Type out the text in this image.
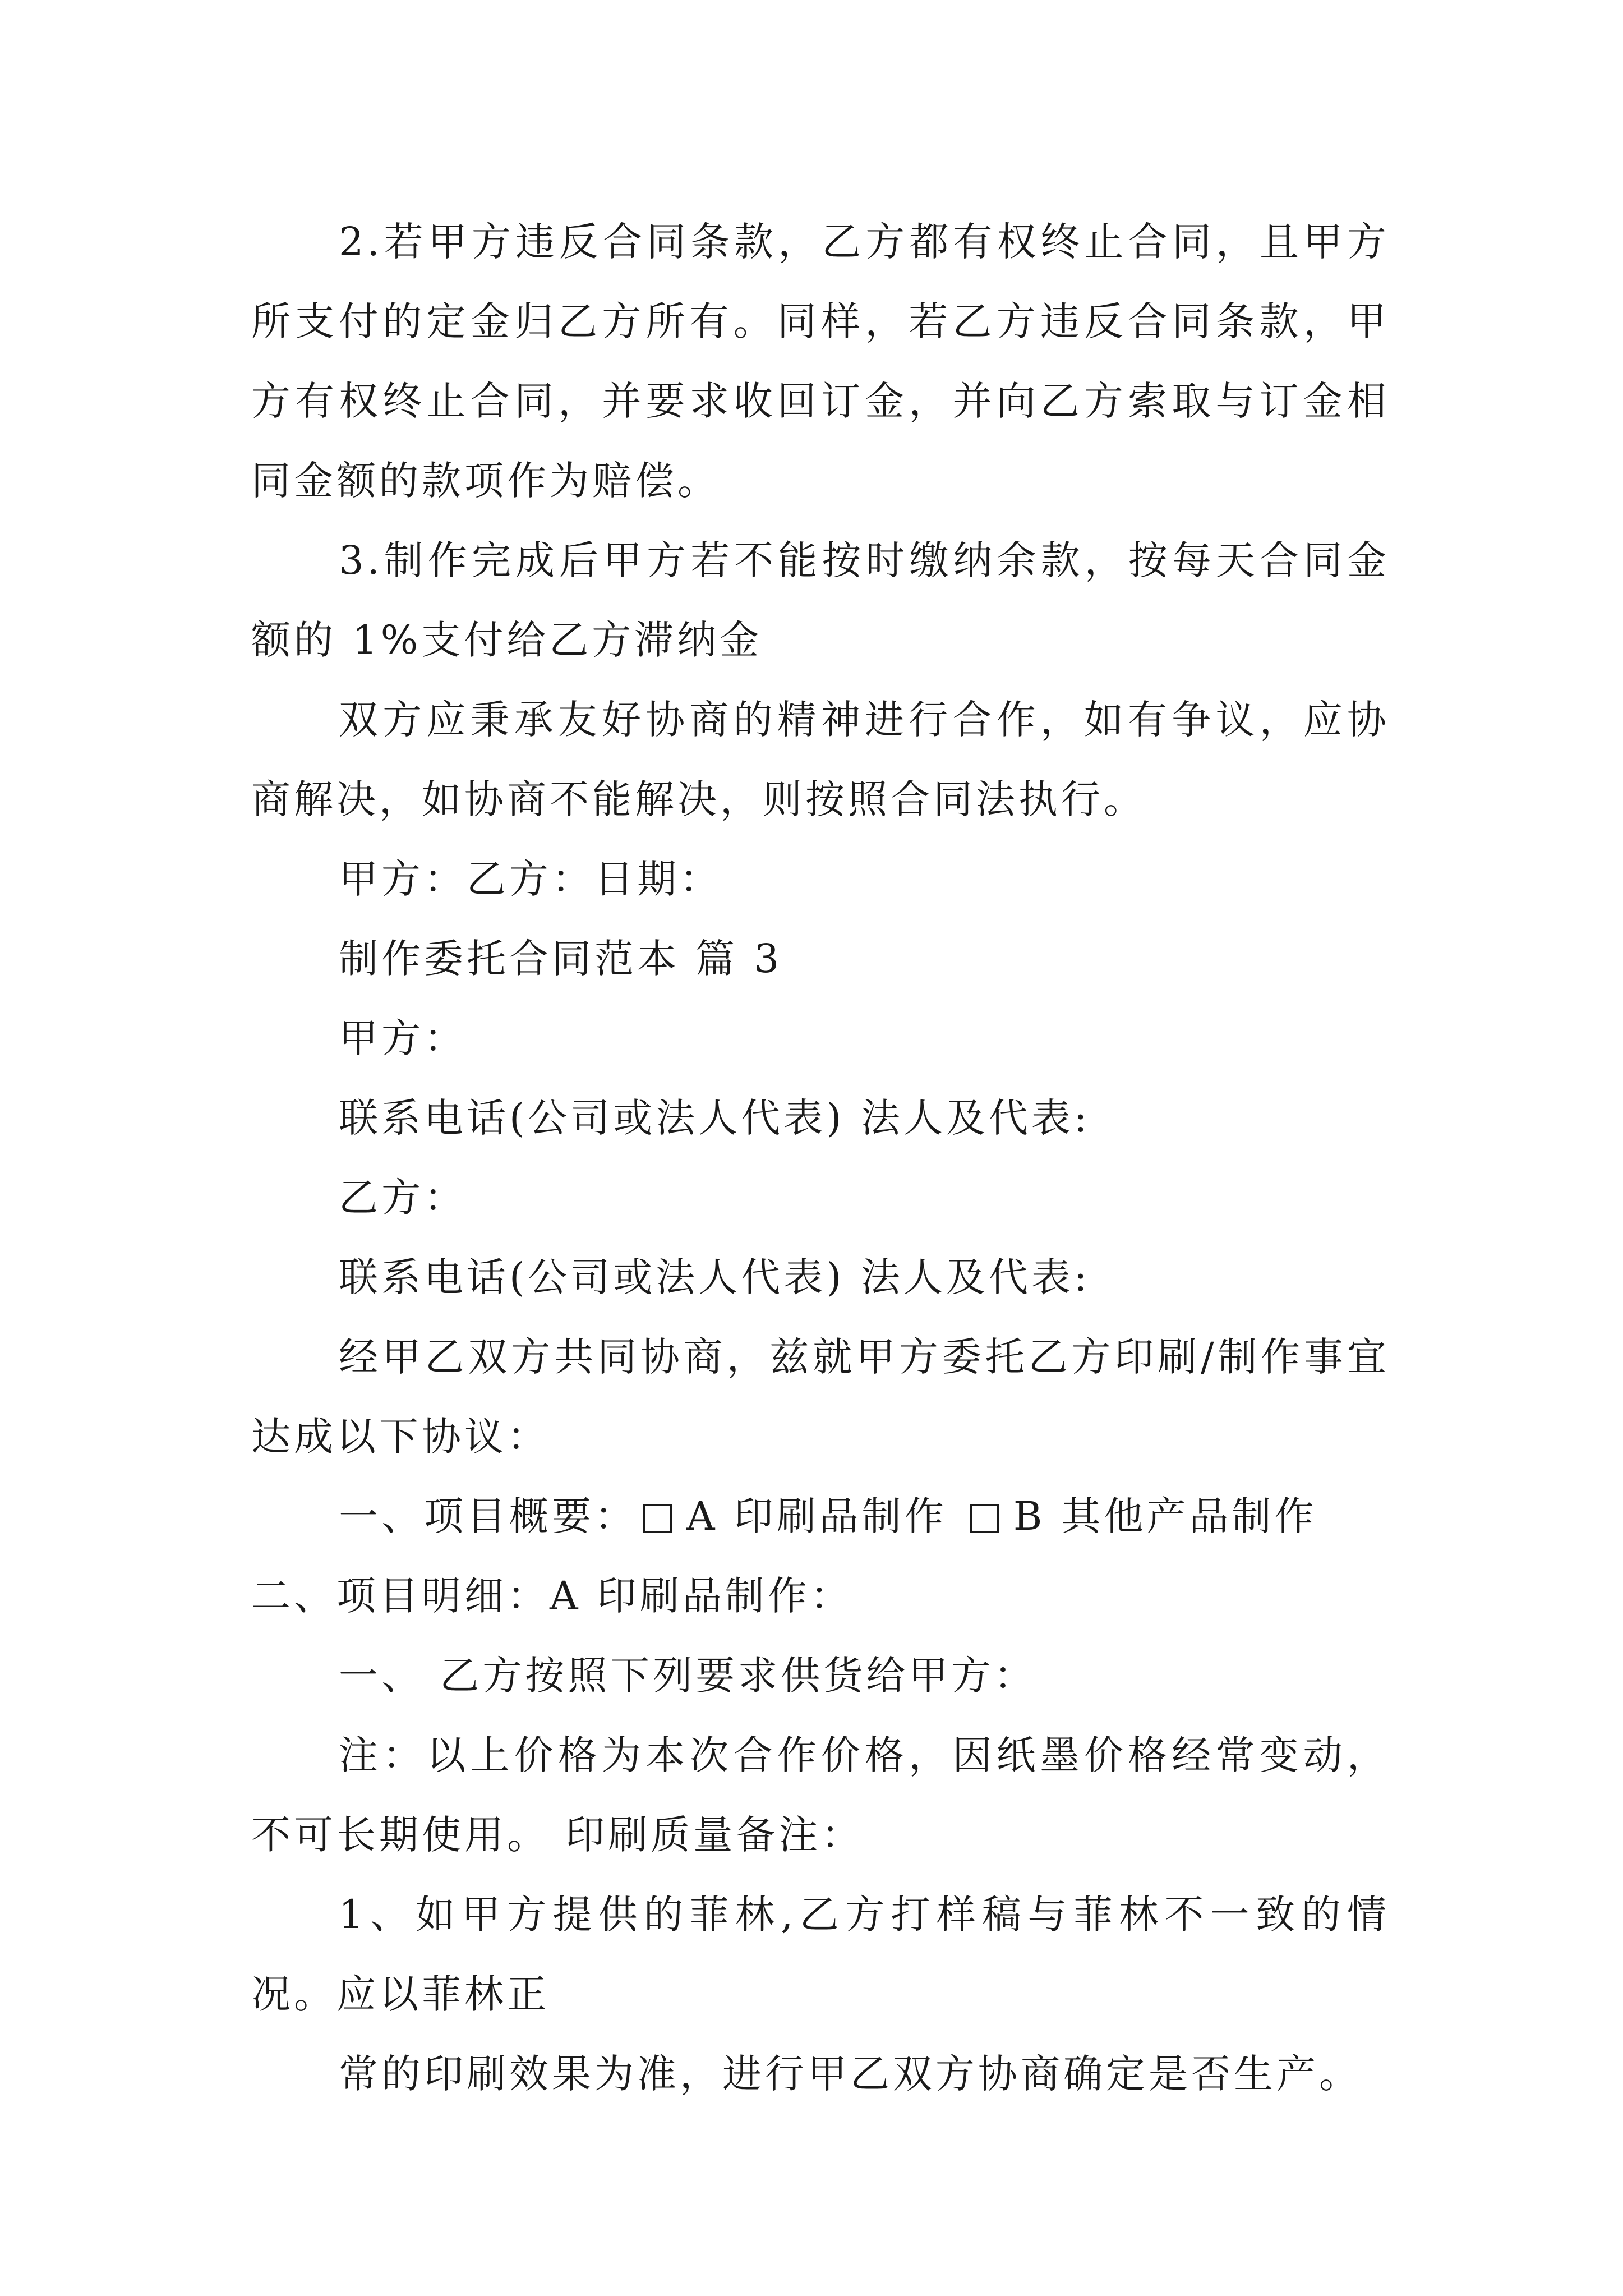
2.若甲方违反合同条款，乙方都有权终止合同，且甲方所支付的定金归乙方所有。同样，若乙方违反合同条款，甲方有权终止合同，并要求收回订金，并向乙方索取与订金相同金额的款项作为赔偿。

3.制作完成后甲方若不能按时缴纳余款，按每天合同金额的 1%支付给乙方滞纳金

双方应秉承友好协商的精神进行合作，如有争议，应协商解决，如协商不能解决，则按照合同法执行。

甲方：乙方：日期：

制作委托合同范本 篇 3

甲方：

联系电话(公司或法人代表) 法人及代表:

乙方：

联系电话(公司或法人代表) 法人及代表:

经甲乙双方共同协商，兹就甲方委托乙方印刷/制作事宜达成以下协议：

一、项目概要： A 印刷品制作 B 其他产品制作

二、项目明细：A 印刷品制作：

一、 乙方按照下列要求供货给甲方：

注：以上价格为本次合作价格，因纸墨价格经常变动，不可长期使用。 印刷质量备注：

1、如甲方提供的菲林,乙方打样稿与菲林不一致的情况。应以菲林正

常的印刷效果为准，进行甲乙双方协商确定是否生产。
